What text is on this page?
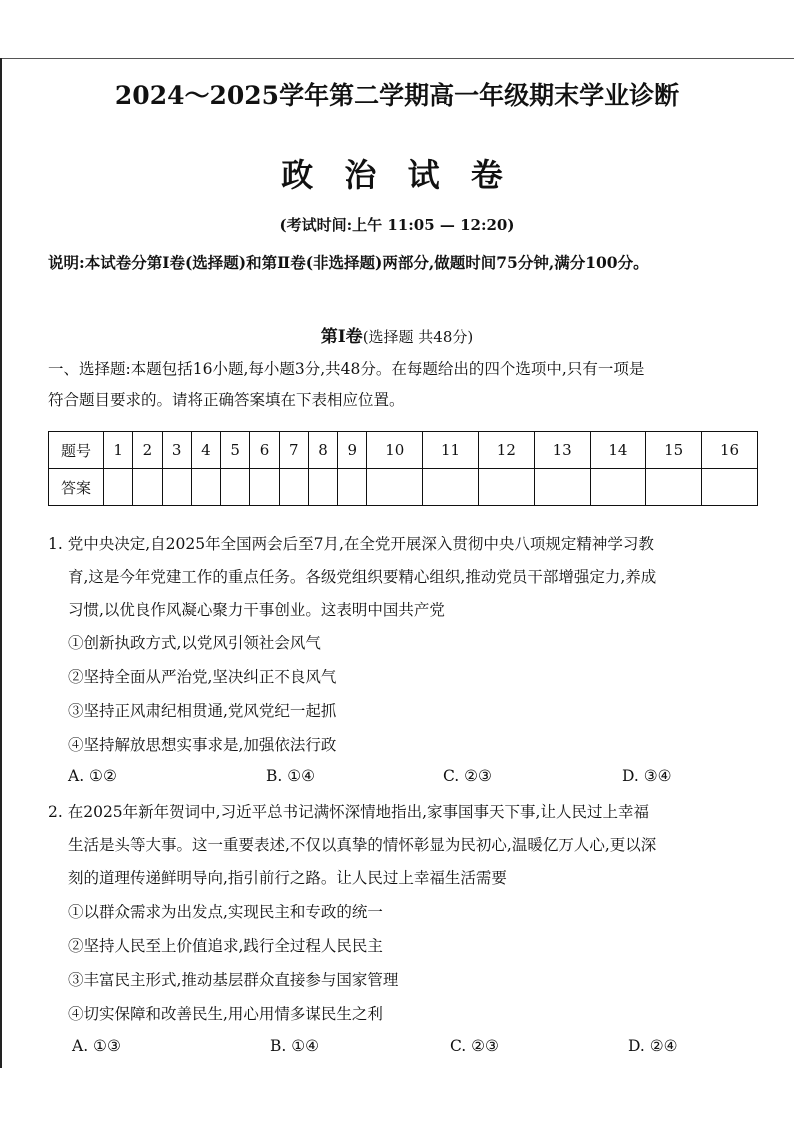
2024～2025学年第二学期高一年级期末学业诊断
政 治 试 卷
(考试时间:上午 11:05 — 12:20)
说明:本试卷分第Ⅰ卷(选择题)和第Ⅱ卷(非选择题)两部分,做题时间75分钟,满分100分。
第Ⅰ卷(选择题 共48分)
一、选择题:本题包括16小题,每小题3分,共48分。在每题给出的四个选项中,只有一项是
符合题目要求的。请将正确答案填在下表相应位置。
题号	1	2	3	4	5	6	7	8	9	10	11	12	13	14	15	16
答案																
1. 党中央决定,自2025年全国两会后至7月,在全党开展深入贯彻中央八项规定精神学习教
育,这是今年党建工作的重点任务。各级党组织要精心组织,推动党员干部增强定力,养成
习惯,以优良作风凝心聚力干事创业。这表明中国共产党
①创新执政方式,以党风引领社会风气
②坚持全面从严治党,坚决纠正不良风气
③坚持正风肃纪相贯通,党风党纪一起抓
④坚持解放思想实事求是,加强依法行政
A. ①②	B. ①④	C. ②③	D. ③④
2. 在2025年新年贺词中,习近平总书记满怀深情地指出,家事国事天下事,让人民过上幸福
生活是头等大事。这一重要表述,不仅以真挚的情怀彰显为民初心,温暖亿万人心,更以深
刻的道理传递鲜明导向,指引前行之路。让人民过上幸福生活需要
①以群众需求为出发点,实现民主和专政的统一
②坚持人民至上价值追求,践行全过程人民民主
③丰富民主形式,推动基层群众直接参与国家管理
④切实保障和改善民生,用心用情多谋民生之利
A. ①③	B. ①④	C. ②③	D. ②④
